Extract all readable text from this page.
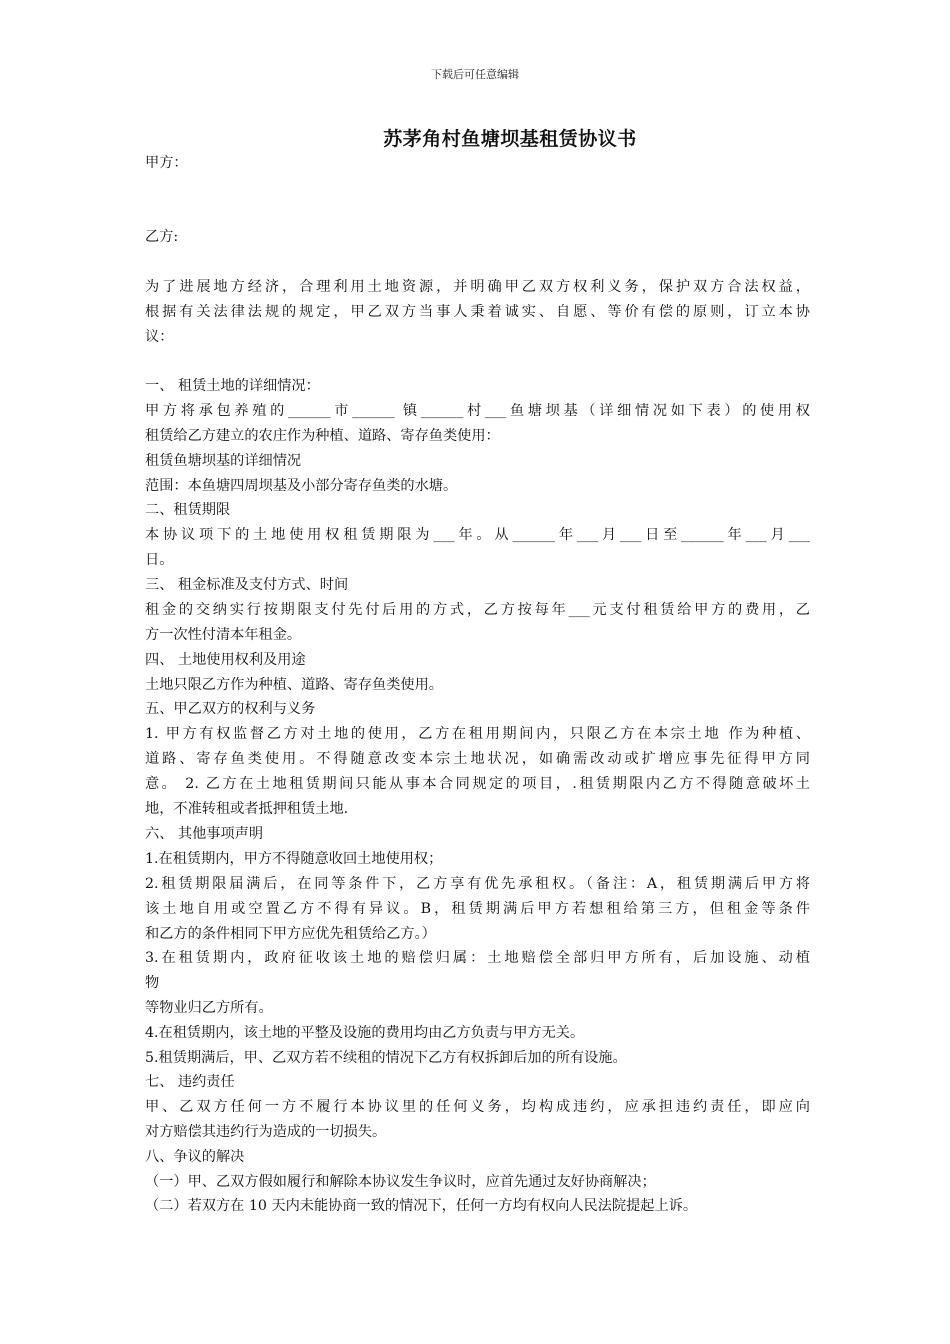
下载后可任意编辑
苏茅角村鱼塘坝基租赁协议书
甲方：
乙方:
为了进展地方经济，合理利用土地资源，并明确甲乙双方权利义务，保护双方合法权益，
根据有关法律法规的规定，甲乙双方当事人秉着诚实、自愿、等价有偿的原则，订立本协
议：
一、 租赁土地的详细情况：
甲方将承包养殖的______市______ 镇______村___鱼塘坝基（详细情况如下表）的使用权
租赁给乙方建立的农庄作为种植、道路、寄存鱼类使用：
租赁鱼塘坝基的详细情况
范围：本鱼塘四周坝基及小部分寄存鱼类的水塘。
二、租赁期限
本协议项下的土地使用权租赁期限为___年。从______年___月___日至______年___月___
日。
三、 租金标准及支付方式、时间
租金的交纳实行按期限支付先付后用的方式，乙方按每年___元支付租赁给甲方的费用，乙
方一次性付清本年租金。
四、 土地使用权利及用途
土地只限乙方作为种植、道路、寄存鱼类使用。
五、甲乙双方的权利与义务
1. 甲方有权监督乙方对土地的使用，乙方在租用期间内，只限乙方在本宗土地 作为种植、
道路、寄存鱼类使用。不得随意改变本宗土地状况，如确需改动或扩增应事先征得甲方同
意。 2. 乙方在土地租赁期间只能从事本合同规定的项目，.租赁期限内乙方不得随意破坏土
地，不准转租或者抵押租赁土地.
六、 其他事项声明
1.在租赁期内，甲方不得随意收回土地使用权；
2.租赁期限届满后，在同等条件下，乙方享有优先承租权。（备注：A，租赁期满后甲方将
该土地自用或空置乙方不得有异议。B，租赁期满后甲方若想租给第三方，但租金等条件
和乙方的条件相同下甲方应优先租赁给乙方。）
3.在租赁期内，政府征收该土地的赔偿归属：土地赔偿全部归甲方所有，后加设施、动植
物
等物业归乙方所有。
4.在租赁期内，该土地的平整及设施的费用均由乙方负责与甲方无关。
5.租赁期满后，甲、乙双方若不续租的情况下乙方有权拆卸后加的所有设施。
七、 违约责任
甲、乙双方任何一方不履行本协议里的任何义务，均构成违约，应承担违约责任，即应向
对方赔偿其违约行为造成的一切损失。
八、争议的解决
（一）甲、乙双方假如履行和解除本协议发生争议时，应首先通过友好协商解决；
（二）若双方在 10 天内未能协商一致的情况下，任何一方均有权向人民法院提起上诉。
